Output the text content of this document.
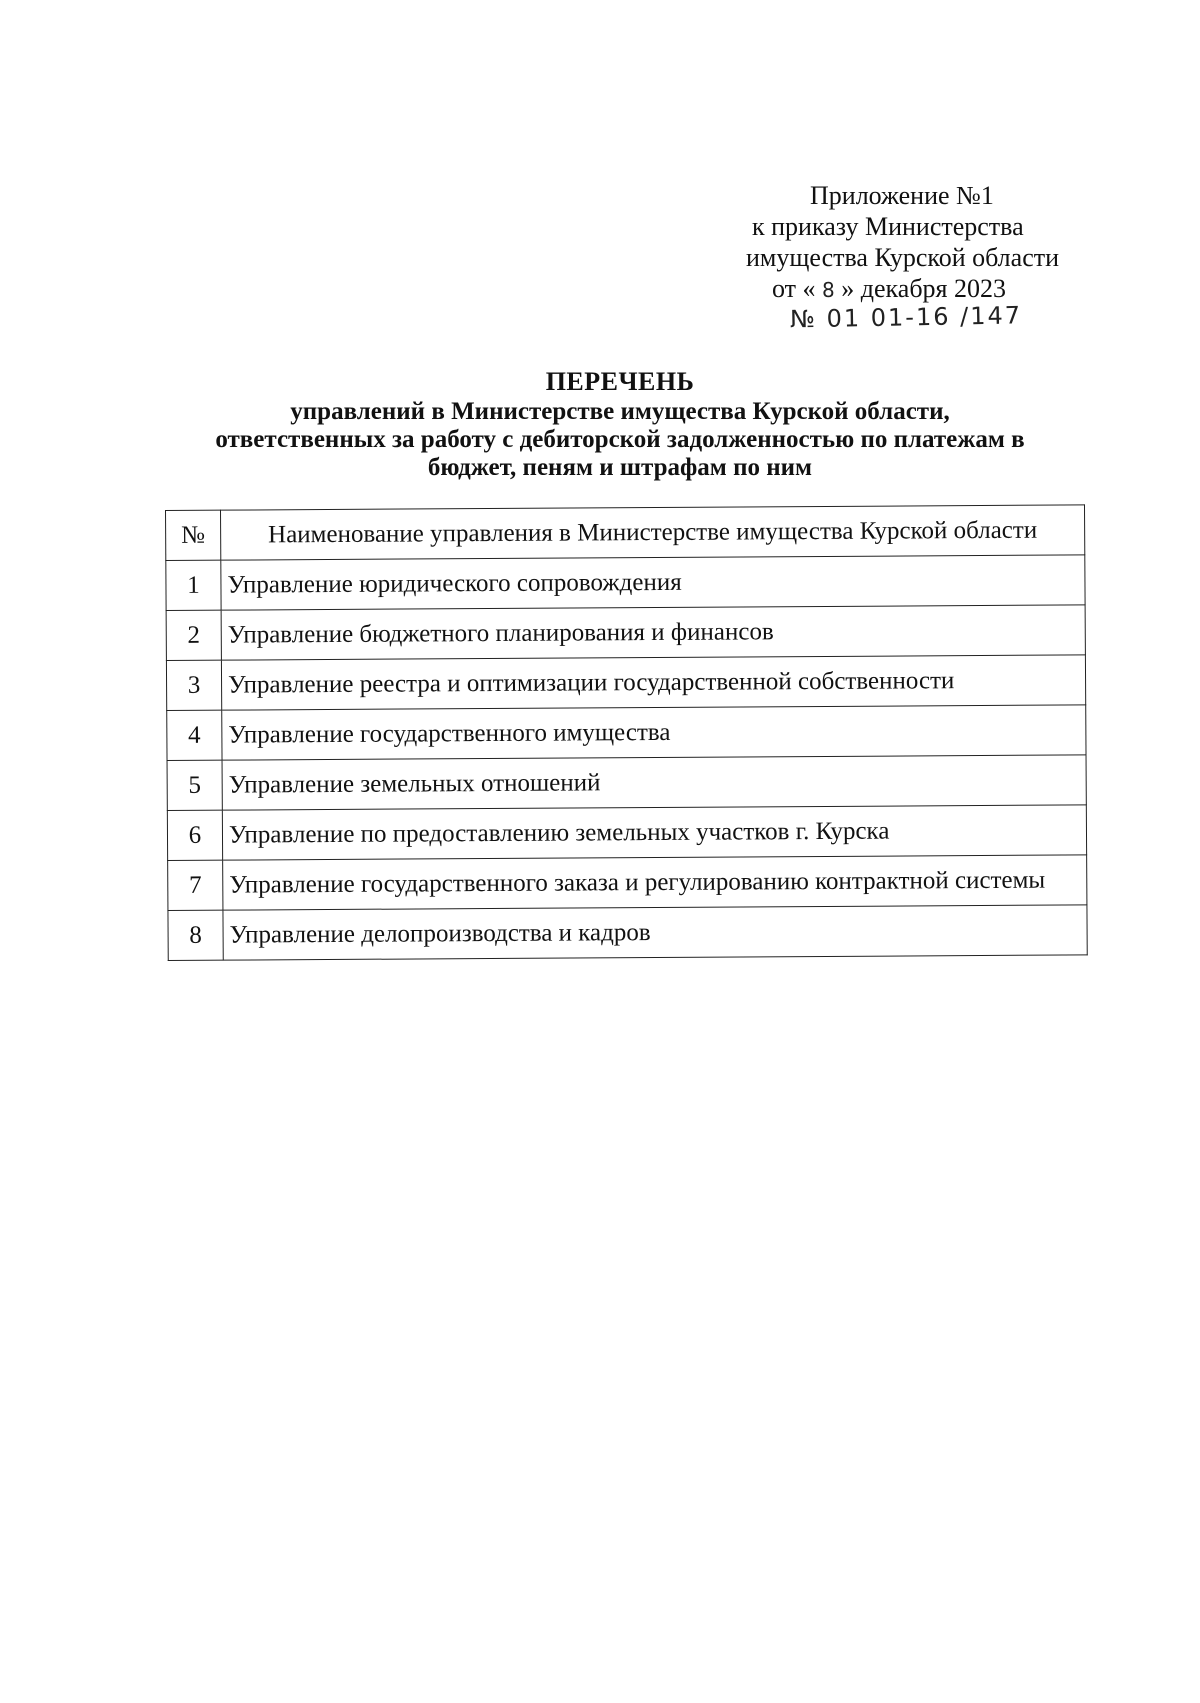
Приложение №1
к приказу Министерства
имущества Курской области
от « 8 » декабря 2023
№ 01 01-16 /147
ПЕРЕЧЕНЬ
управлений в Министерстве имущества Курской области,
ответственных за работу с дебиторской задолженностью по платежам в
бюджет, пеням и штрафам по ним
№	Наименование управления в Министерстве имущества Курской области
1	Управление юридического сопровождения
2	Управление бюджетного планирования и финансов
3	Управление реестра и оптимизации государственной собственности
4	Управление государственного имущества
5	Управление земельных отношений
6	Управление по предоставлению земельных участков г. Курска
7	Управление государственного заказа и регулированию контрактной системы
8	Управление делопроизводства и кадров
